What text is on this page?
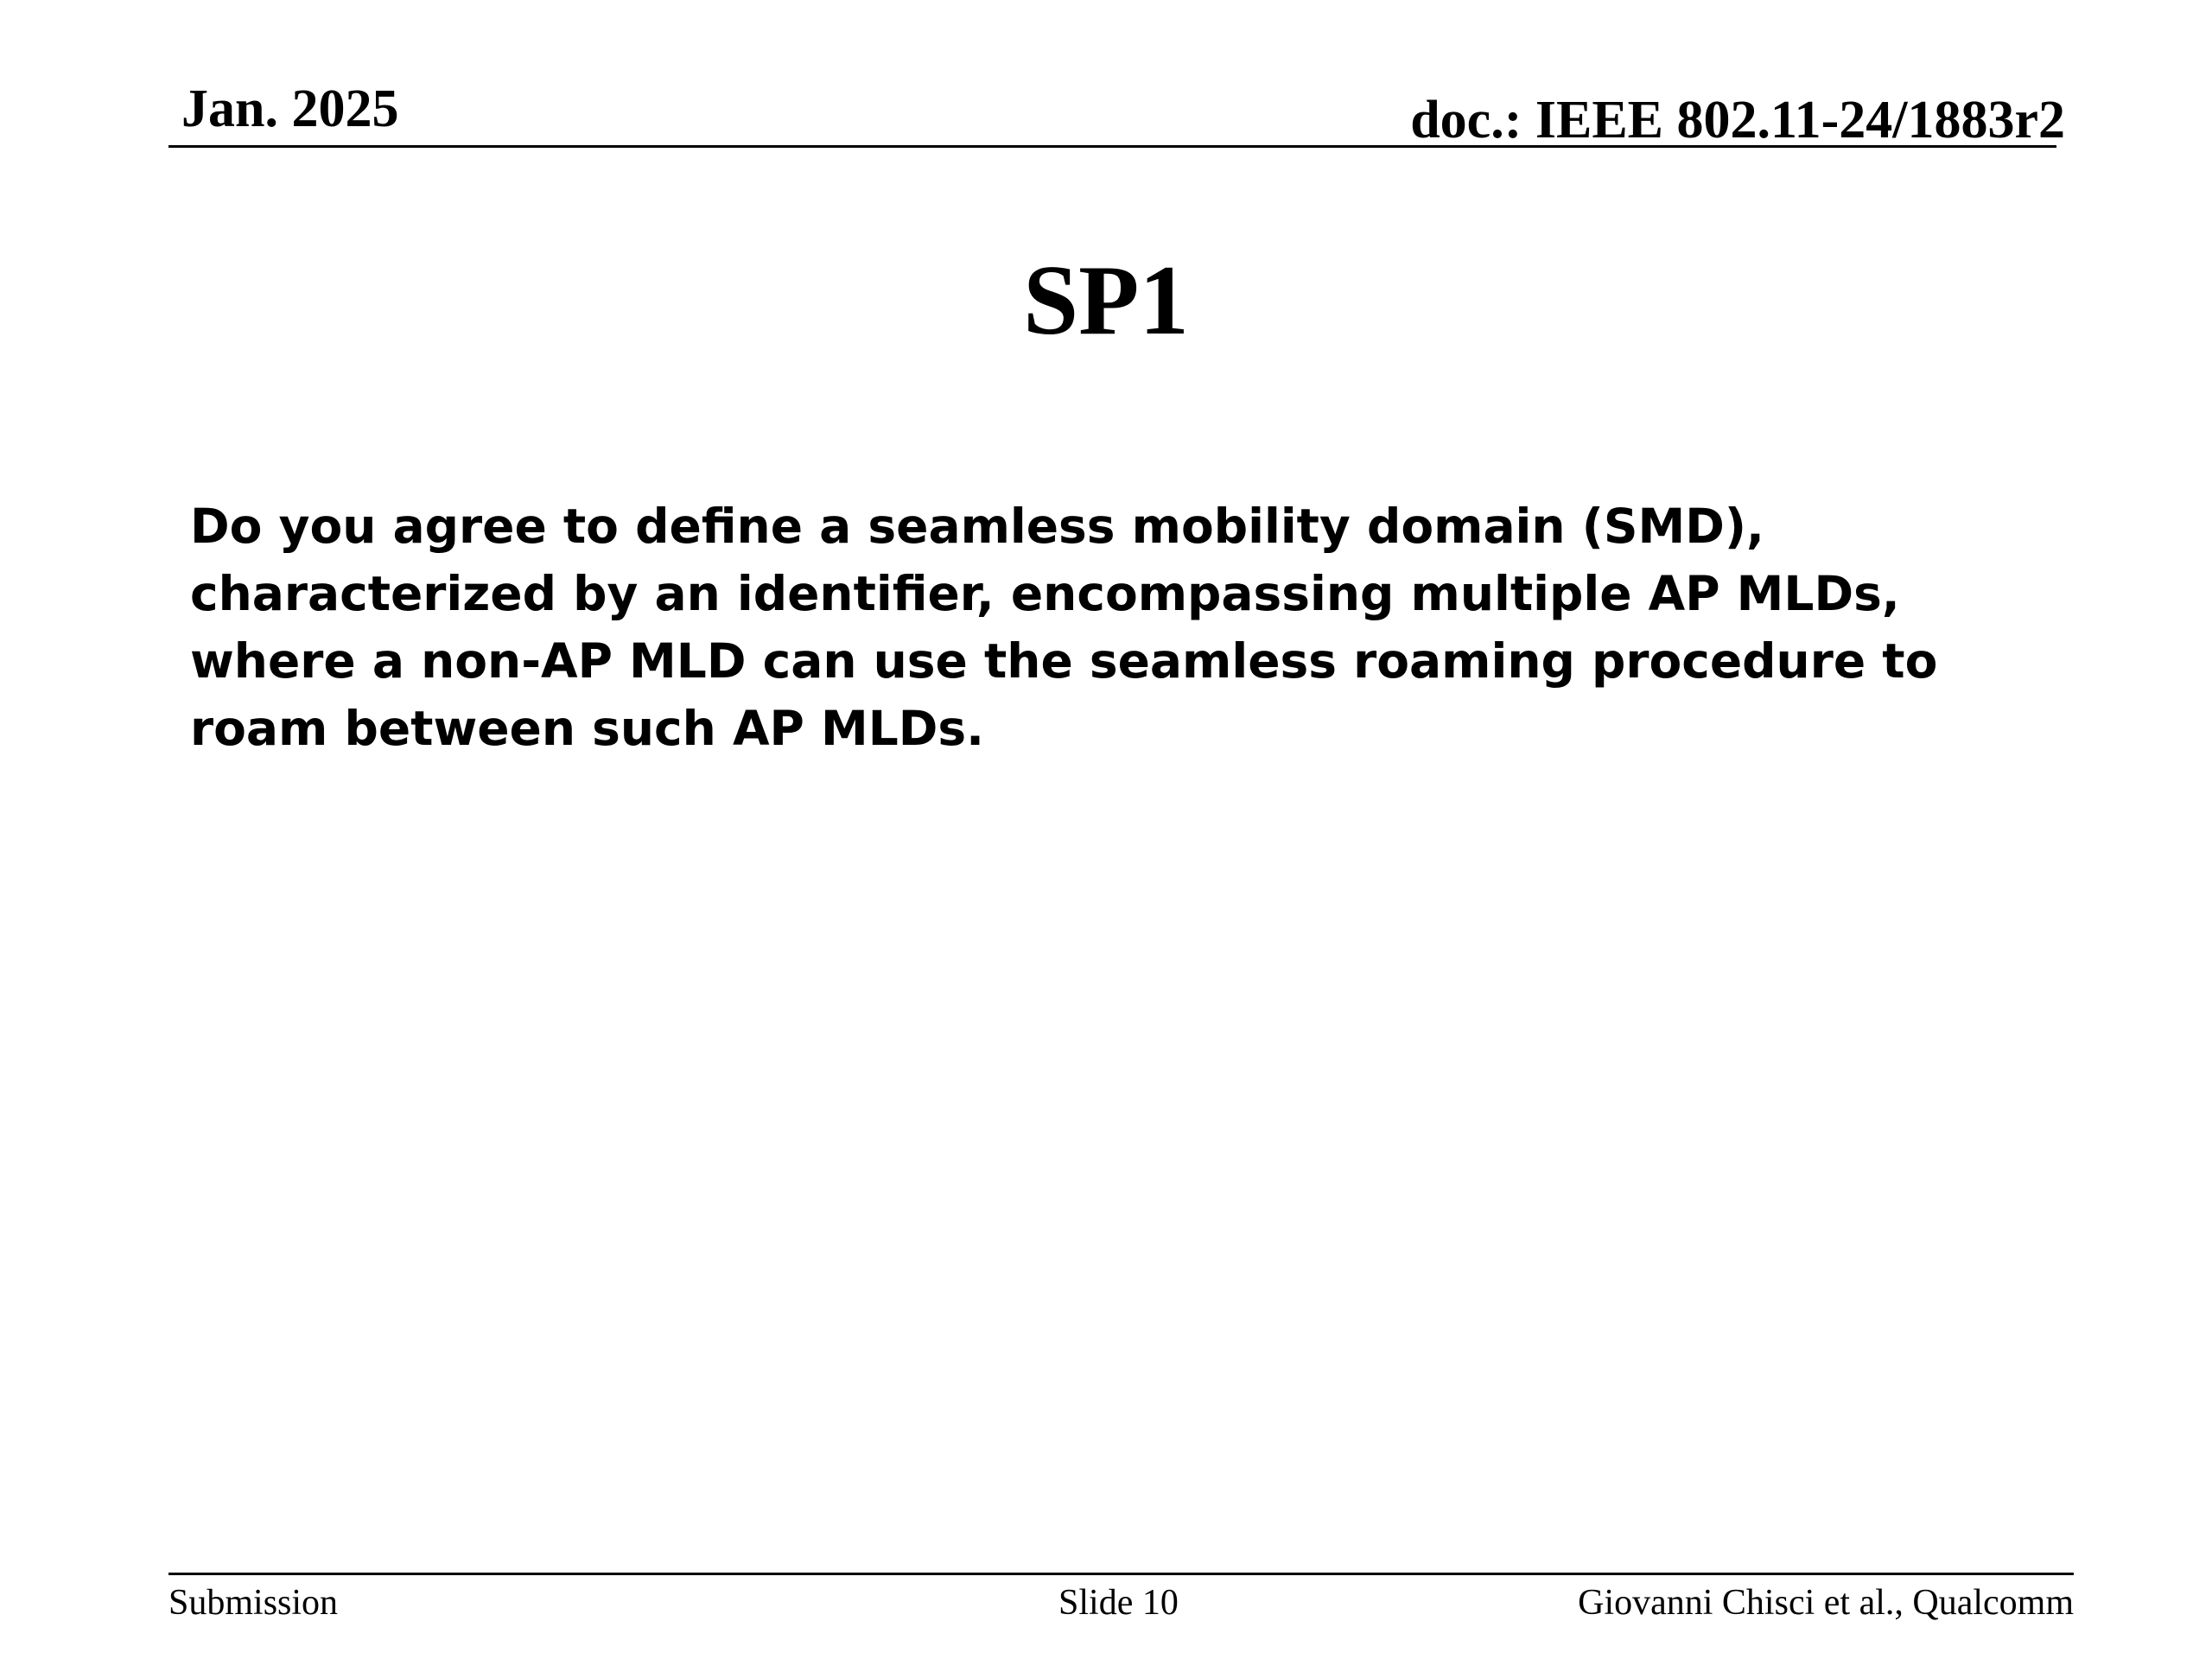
Jan. 2025	doc.: IEEE 802.11-24/1883r2
SP1

Do you agree to define a seamless mobility domain (SMD), characterized by an identifier, encompassing multiple AP MLDs, where a non-AP MLD can use the seamless roaming procedure to roam between such AP MLDs.

Submission	Slide 10	Giovanni Chisci et al., Qualcomm
